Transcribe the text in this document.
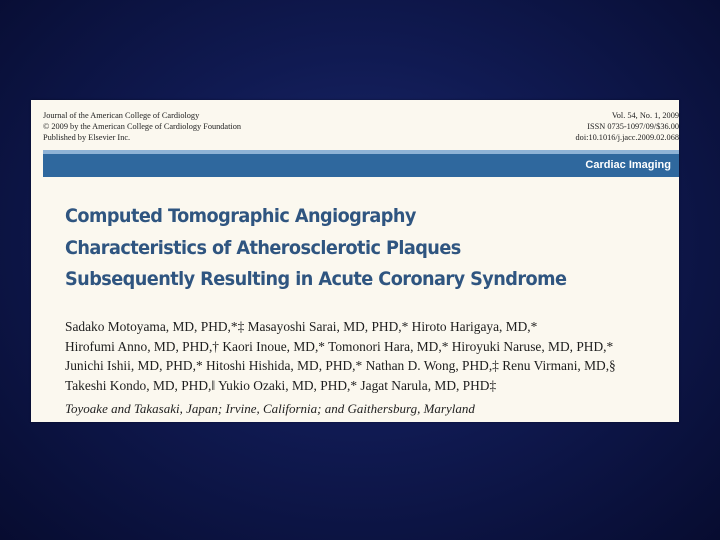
Journal of the American College of Cardiology
© 2009 by the American College of Cardiology Foundation
Published by Elsevier Inc.
Vol. 54, No. 1, 2009
ISSN 0735-1097/09/$36.00
doi:10.1016/j.jacc.2009.02.068
Cardiac Imaging
Computed Tomographic Angiography
Characteristics of Atherosclerotic Plaques
Subsequently Resulting in Acute Coronary Syndrome
Sadako Motoyama, MD, PHD,*‡ Masayoshi Sarai, MD, PHD,* Hiroto Harigaya, MD,*
Hirofumi Anno, MD, PHD,† Kaori Inoue, MD,* Tomonori Hara, MD,* Hiroyuki Naruse, MD, PHD,*
Junichi Ishii, MD, PHD,* Hitoshi Hishida, MD, PHD,* Nathan D. Wong, PHD,‡ Renu Virmani, MD,§
Takeshi Kondo, MD, PHD,‖ Yukio Ozaki, MD, PHD,* Jagat Narula, MD, PHD‡
Toyoake and Takasaki, Japan; Irvine, California; and Gaithersburg, Maryland
